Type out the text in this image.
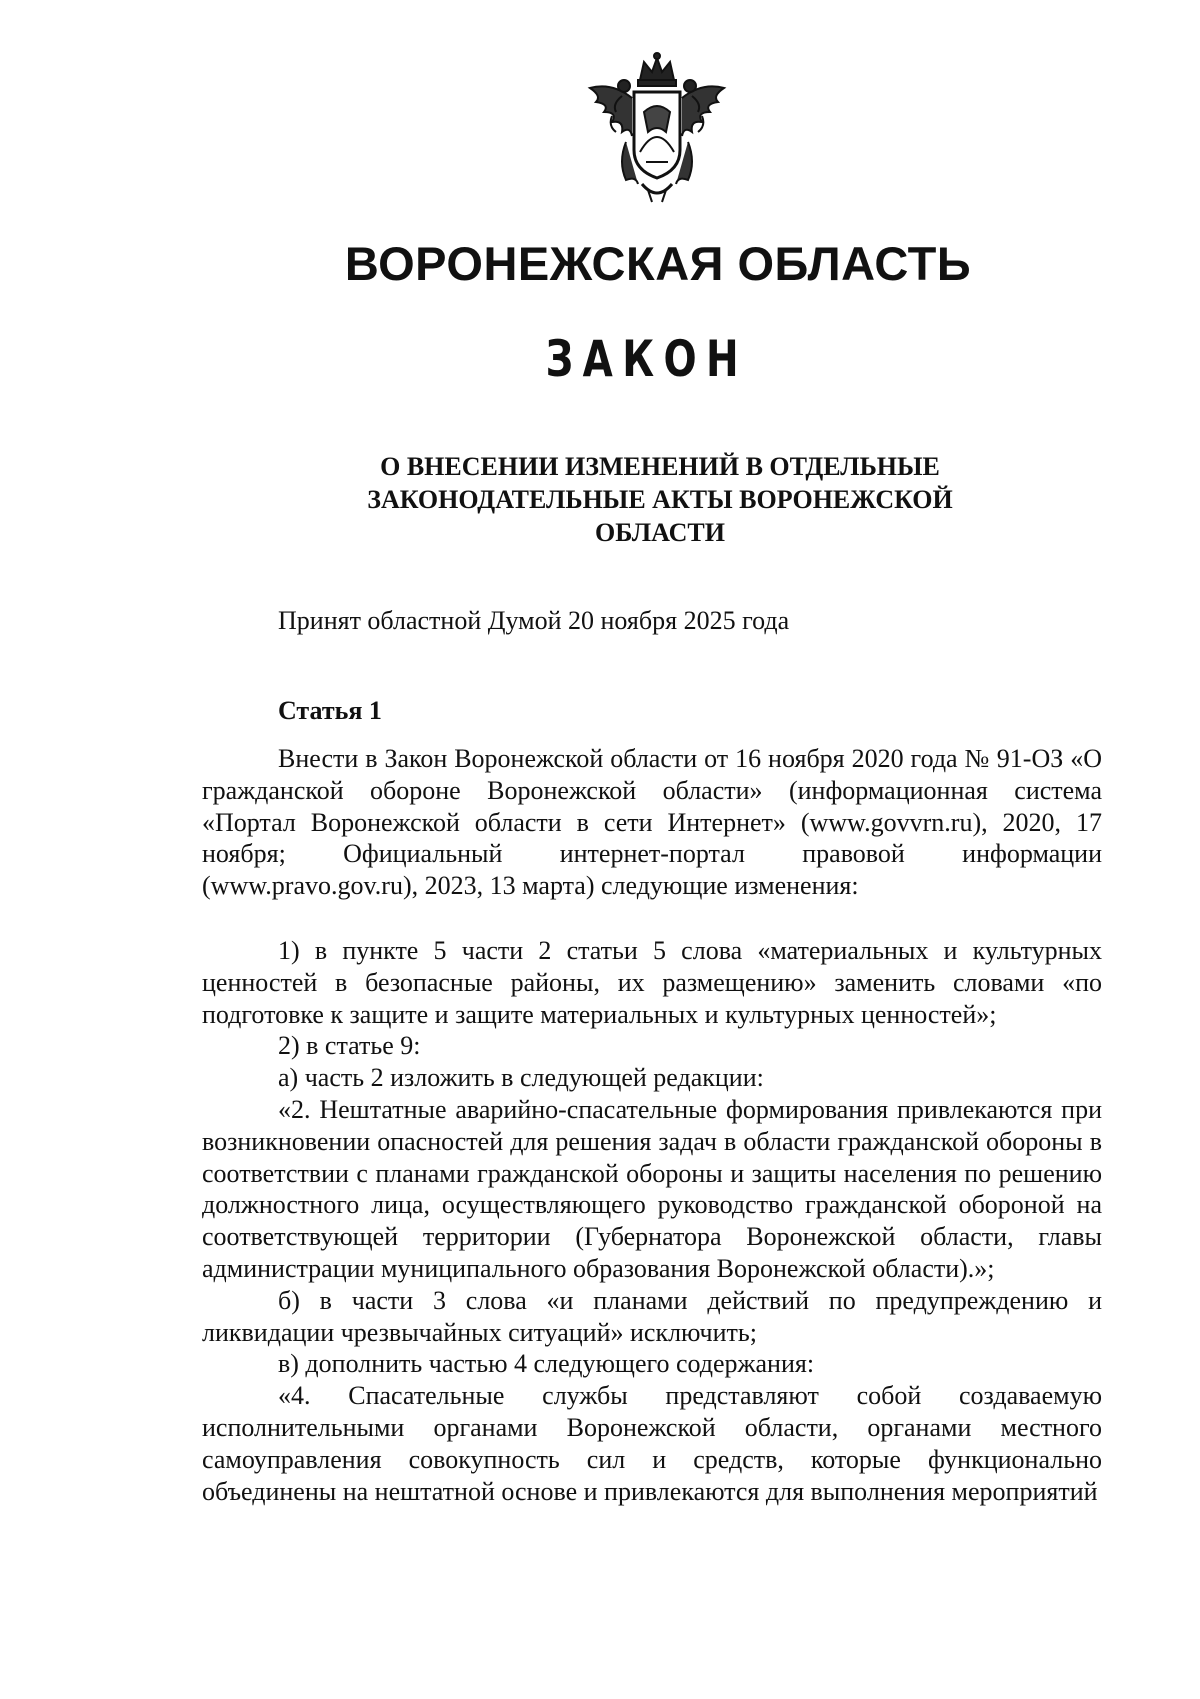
ВОРОНЕЖСКАЯ ОБЛАСТЬ
ЗАКОН
О ВНЕСЕНИИ ИЗМЕНЕНИЙ В ОТДЕЛЬНЫЕ
ЗАКОНОДАТЕЛЬНЫЕ АКТЫ ВОРОНЕЖСКОЙ
ОБЛАСТИ
Принят областной Думой 20 ноября 2025 года
Статья 1

Внести в Закон Воронежской области от 16 ноября 2020 года № 91-ОЗ «О гражданской обороне Воронежской области» (информационная система «Портал Воронежской области в сети Интернет» (www.govvrn.ru), 2020, 17 ноября; Официальный интернет-портал правовой информации (www.pravo.gov.ru), 2023, 13 марта) следующие изменения:

1) в пункте 5 части 2 статьи 5 слова «материальных и культурных ценностей в безопасные районы, их размещению» заменить словами «по подготовке к защите и защите материальных и культурных ценностей»;

2) в статье 9:

а) часть 2 изложить в следующей редакции:

«2. Нештатные аварийно-спасательные формирования привлекаются при возникновении опасностей для решения задач в области гражданской обороны в соответствии с планами гражданской обороны и защиты населения по решению должностного лица, осуществляющего руководство гражданской обороной на соответствующей территории (Губернатора Воронежской области, главы администрации муниципального образования Воронежской области).»;

б) в части 3 слова «и планами действий по предупреждению и ликвидации чрезвычайных ситуаций» исключить;

в) дополнить частью 4 следующего содержания:

«4. Спасательные службы представляют собой создаваемую исполнительными органами Воронежской области, органами местного самоуправления совокупность сил и средств, которые функционально объединены на нештатной основе и привлекаются для выполнения мероприятий
